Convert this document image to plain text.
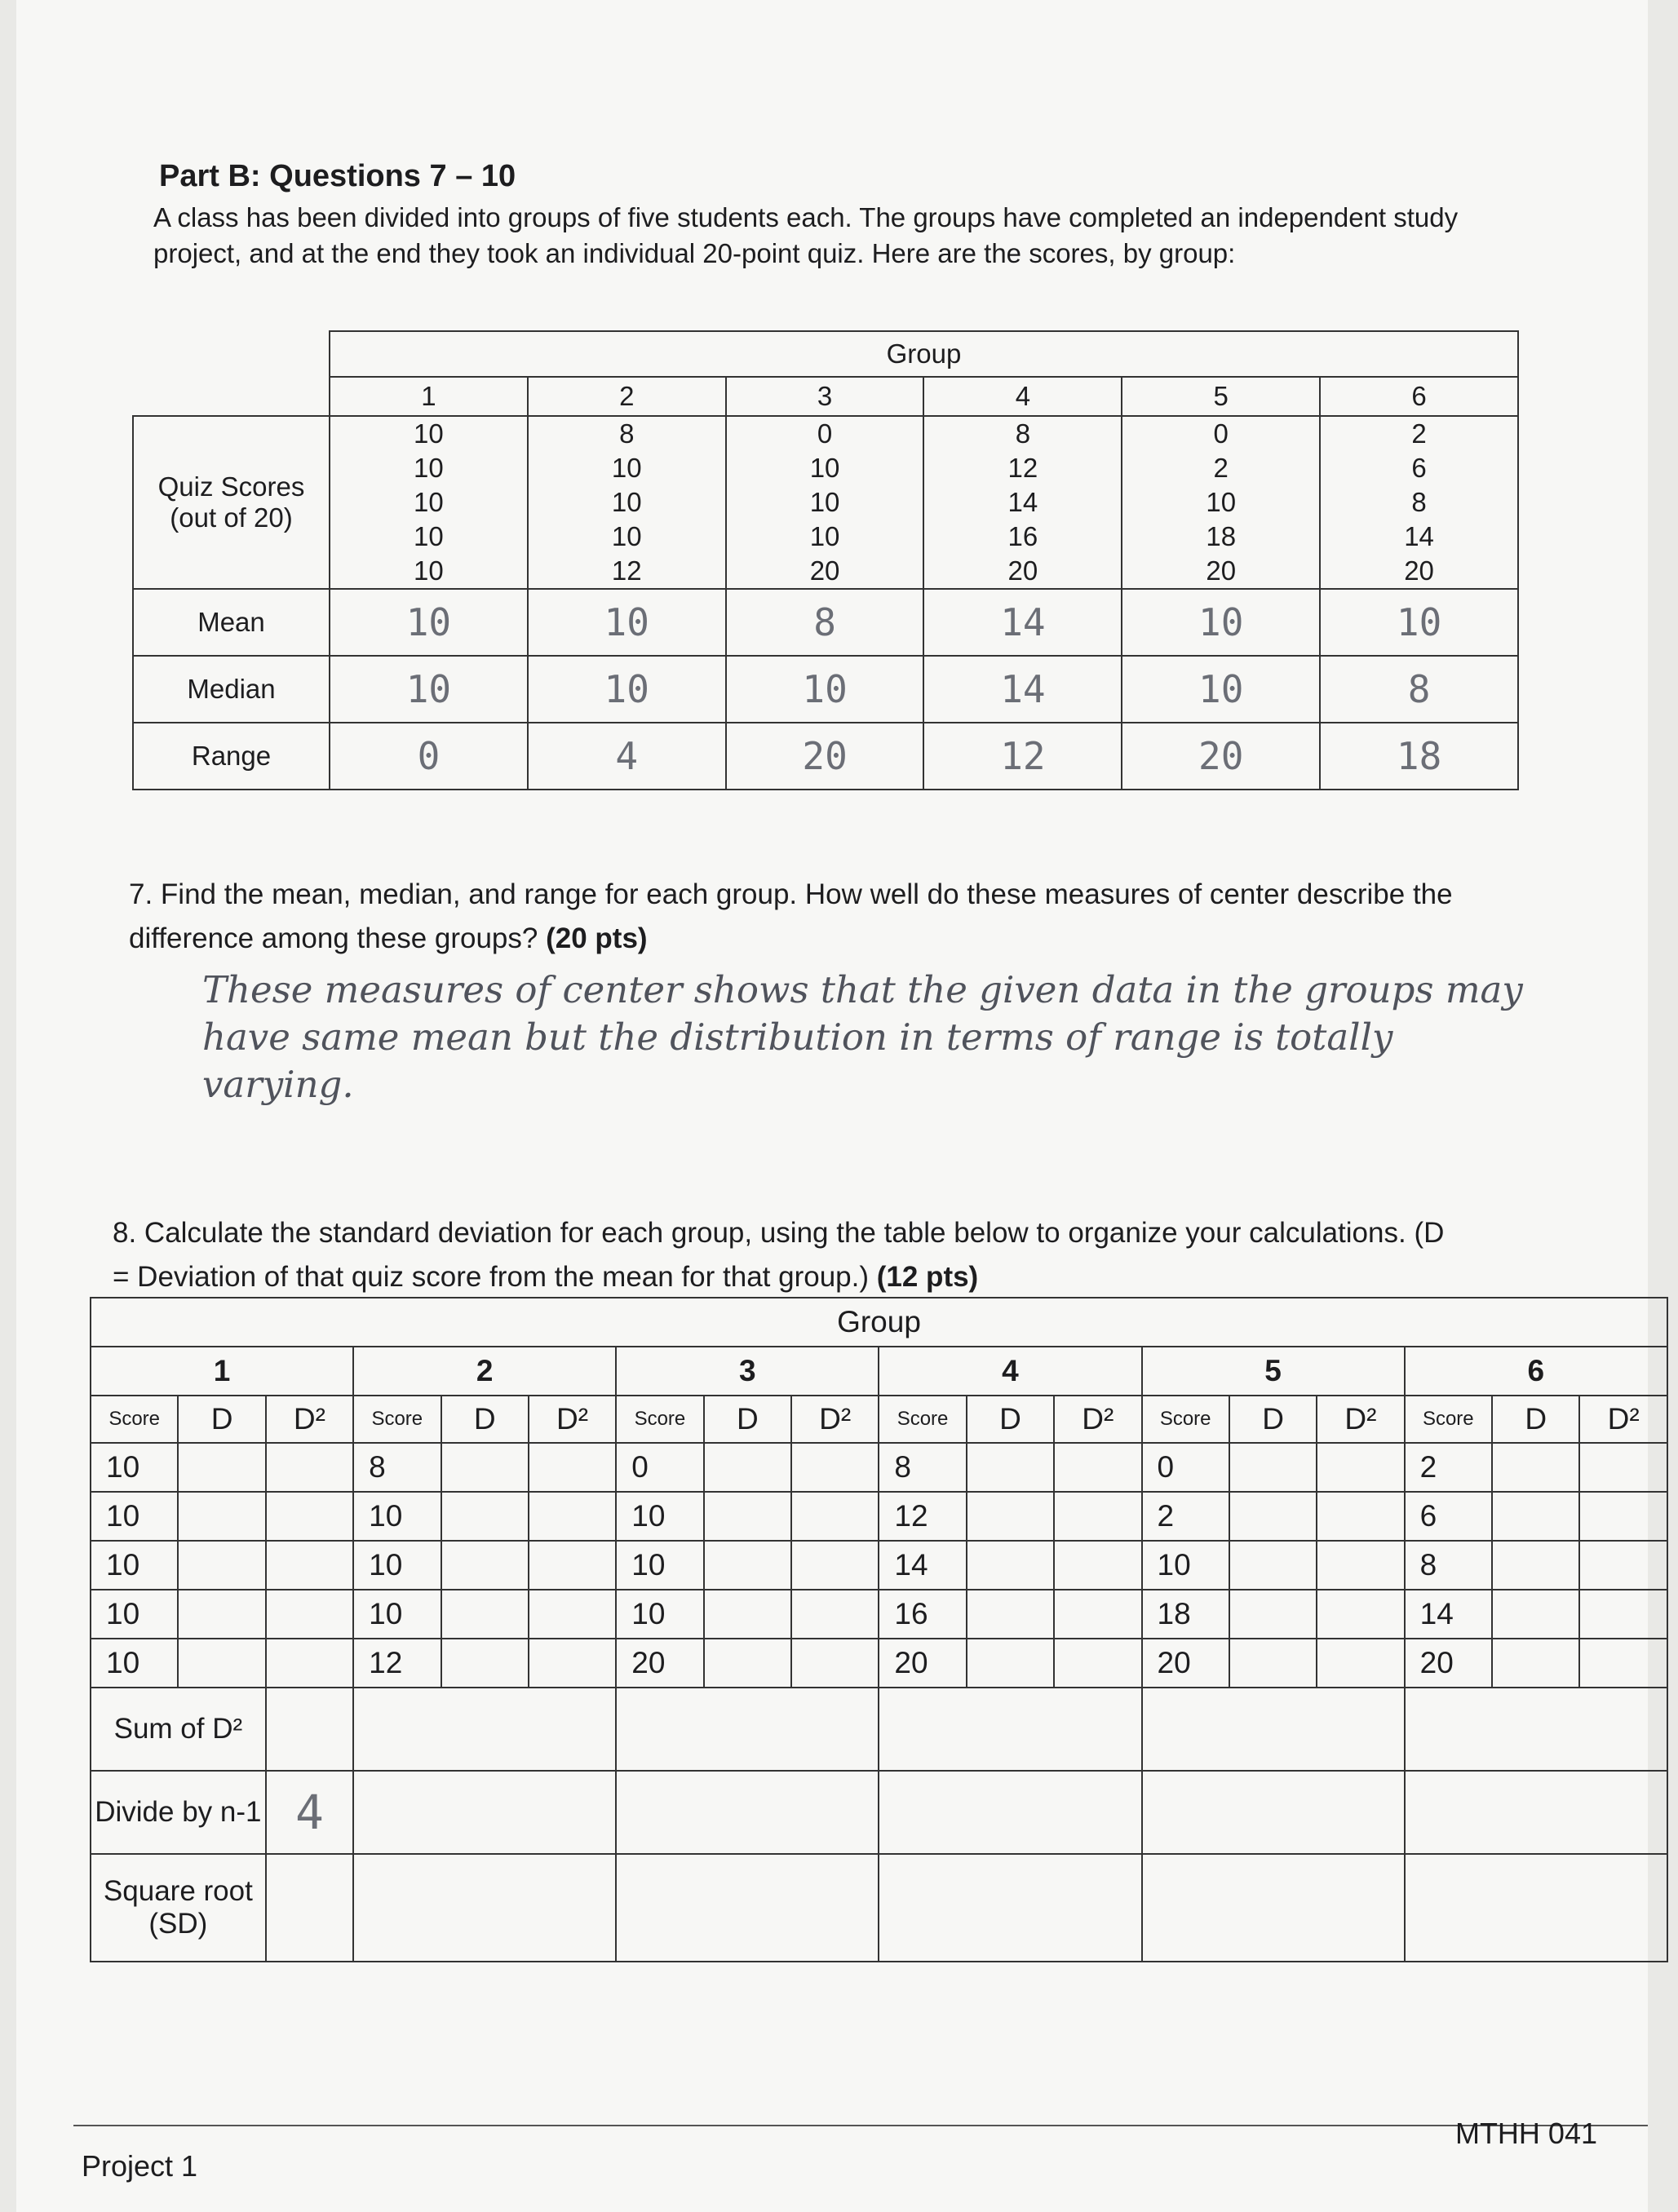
Part B: Questions 7 – 10
A class has been divided into groups of five students each. The groups have completed an independent study project, and at the end they took an individual 20-point quiz. Here are the scores, by group:
	Group					
	1	2	3	4	5	6
Quiz Scores (out of 20)	10	8	0	8	0	2
	10	10	10	12	2	6
	10	10	10	14	10	8
	10	10	10	16	18	14
	10	12	20	20	20	20
Mean	10	10	8	14	10	10
Median	10	10	10	14	10	8
Range	0	4	20	12	20	18
7. Find the mean, median, and range for each group. How well do these measures of center describe the difference among these groups? (20 pts)
These measures of center shows that the given data in the groups may have same mean but the distribution in terms of range is totally varying.
8. Calculate the standard deviation for each group, using the table below to organize your calculations. (D = Deviation of that quiz score from the mean for that group.) (12 pts)
Group																	
1			2			3			4			5			6		
Score	D	D²	Score	D	D²	Score	D	D²	Score	D	D²	Score	D	D²	Score	D	D²
10			8			0			8			0			2		
10			10			10			12			2			6		
10			10			10			14			10			8		
10			10			10			16			18			14		
10			12			20			20			20			20		
Sum of D²																	
Divide by n-1		4															
Square root (SD)																	
Project 1
MTHH 041
